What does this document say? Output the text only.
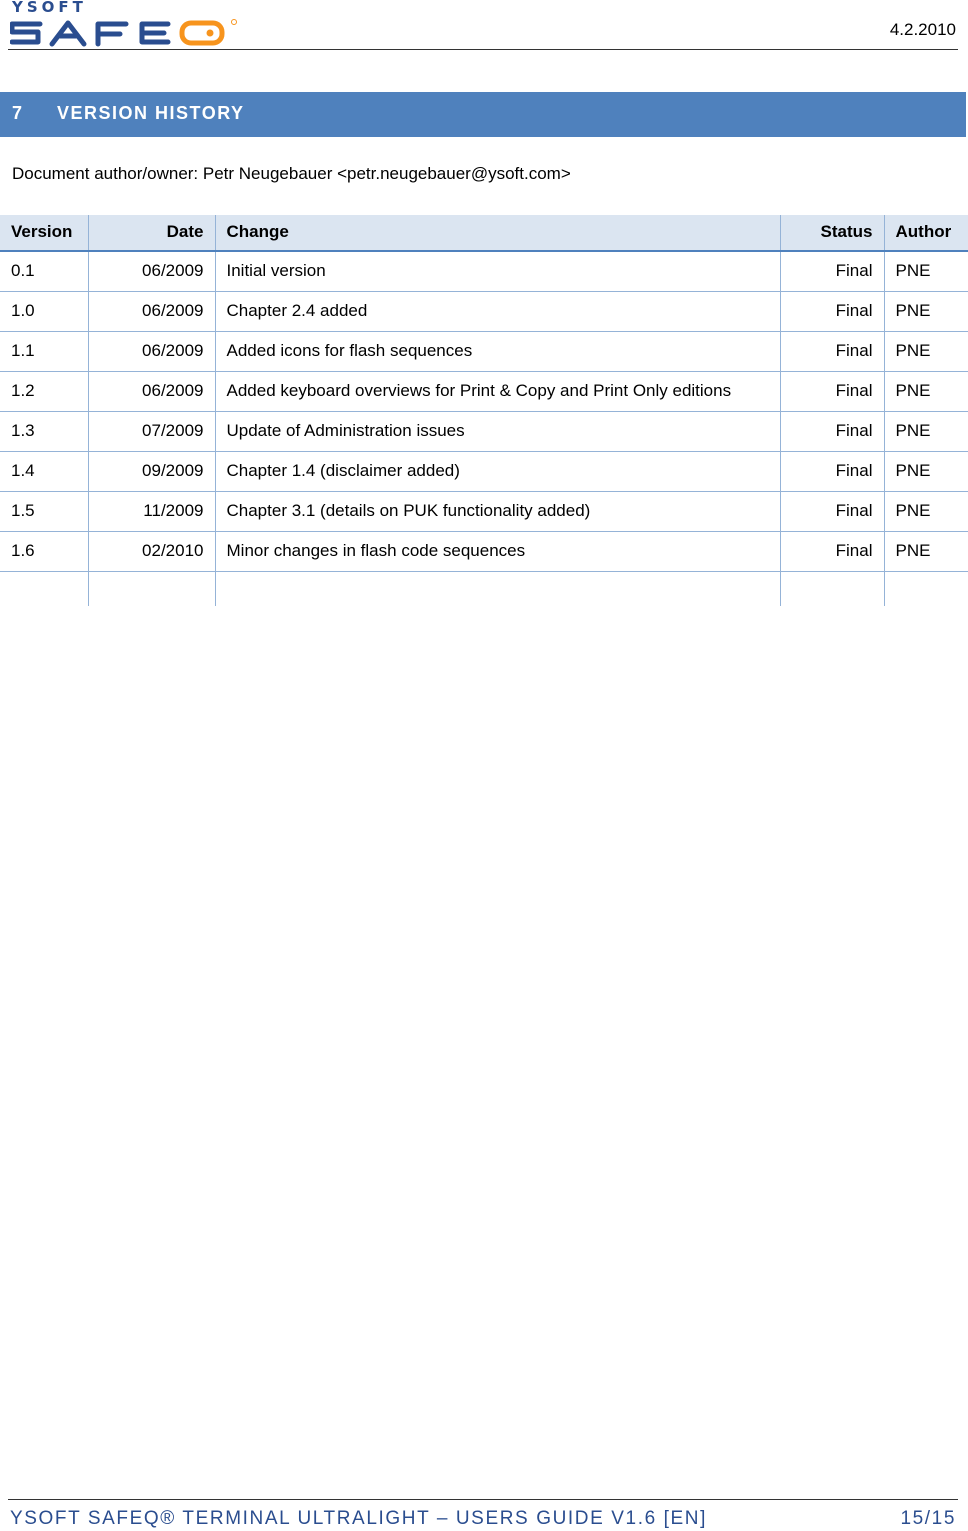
YSOFT
4.2.2010
7 VERSION HISTORY
Document author/owner: Petr Neugebauer <petr.neugebauer@ysoft.com>
Version	Date	Change	Status	Author
0.1	06/2009	Initial version	Final	PNE
1.0	06/2009	Chapter 2.4 added	Final	PNE
1.1	06/2009	Added icons for flash sequences	Final	PNE
1.2	06/2009	Added keyboard overviews for Print & Copy and Print Only editions	Final	PNE
1.3	07/2009	Update of Administration issues	Final	PNE
1.4	09/2009	Chapter 1.4 (disclaimer added)	Final	PNE
1.5	11/2009	Chapter 3.1 (details on PUK functionality added)	Final	PNE
1.6	02/2010	Minor changes in flash code sequences	Final	PNE

YSOFT SAFEQ® TERMINAL ULTRALIGHT – USERS GUIDE V1.6 [EN]	15/15
